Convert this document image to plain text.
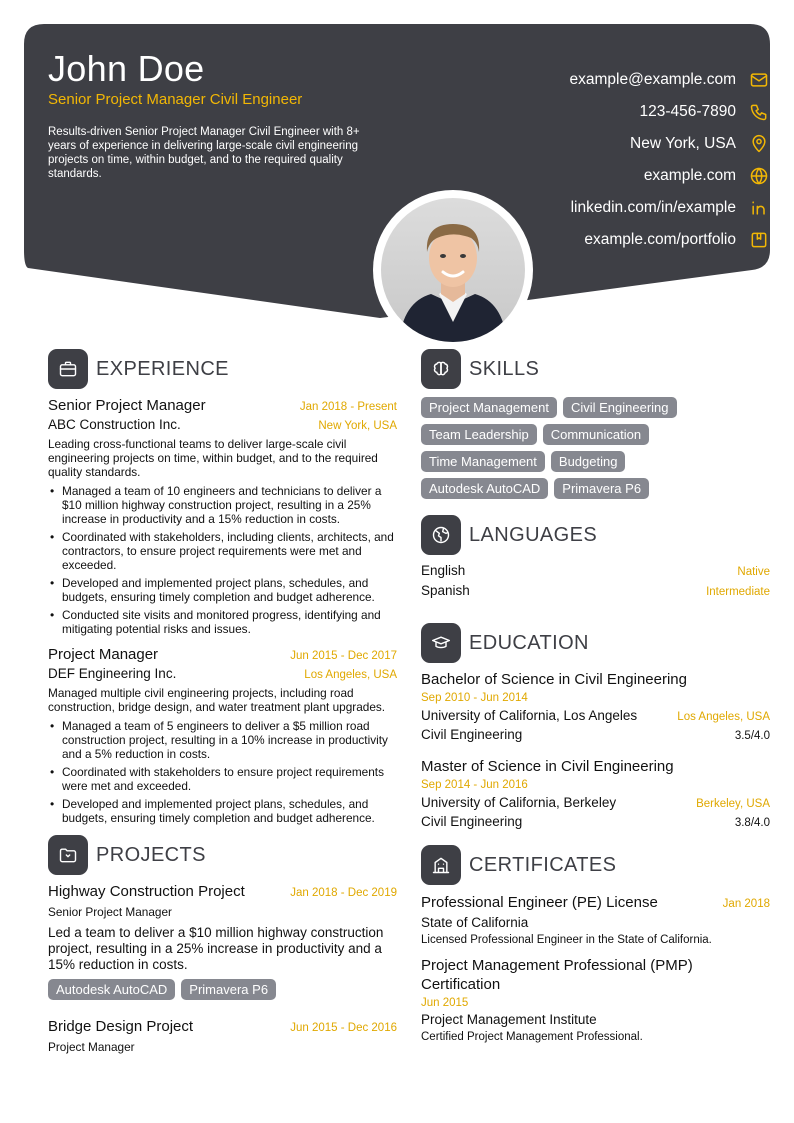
John Doe
Senior Project Manager Civil Engineer
Results-driven Senior Project Manager Civil Engineer with 8+ years of experience in delivering large-scale civil engineering projects on time, within budget, and to the required quality standards.
example@example.com
123-456-7890
New York, USA
example.com
linkedin.com/in/example
example.com/portfolio
EXPERIENCE
Senior Project Manager	Jan 2018 - Present
ABC Construction Inc.	New York, USA
Leading cross-functional teams to deliver large-scale civil engineering projects on time, within budget, and to the required quality standards.
• Managed a team of 10 engineers and technicians to deliver a $10 million highway construction project, resulting in a 25% increase in productivity and a 15% reduction in costs.
• Coordinated with stakeholders, including clients, architects, and contractors, to ensure project requirements were met and exceeded.
• Developed and implemented project plans, schedules, and budgets, ensuring timely completion and budget adherence.
• Conducted site visits and monitored progress, identifying and mitigating potential risks and issues.
Project Manager	Jun 2015 - Dec 2017
DEF Engineering Inc.	Los Angeles, USA
Managed multiple civil engineering projects, including road construction, bridge design, and water treatment plant upgrades.
• Managed a team of 5 engineers to deliver a $5 million road construction project, resulting in a 10% increase in productivity and a 5% reduction in costs.
• Coordinated with stakeholders to ensure project requirements were met and exceeded.
• Developed and implemented project plans, schedules, and budgets, ensuring timely completion and budget adherence.
PROJECTS
Highway Construction Project	Jan 2018 - Dec 2019
Senior Project Manager
Led a team to deliver a $10 million highway construction project, resulting in a 25% increase in productivity and a 15% reduction in costs.
Autodesk AutoCAD Primavera P6
Bridge Design Project	Jun 2015 - Dec 2016
Project Manager
SKILLS
Project Management Civil Engineering
Team Leadership Communication
Time Management Budgeting
Autodesk AutoCAD Primavera P6
LANGUAGES
English	Native
Spanish	Intermediate
EDUCATION
Bachelor of Science in Civil Engineering
Sep 2010 - Jun 2014
University of California, Los Angeles	Los Angeles, USA
Civil Engineering	3.5/4.0
Master of Science in Civil Engineering
Sep 2014 - Jun 2016
University of California, Berkeley	Berkeley, USA
Civil Engineering	3.8/4.0
CERTIFICATES
Professional Engineer (PE) License	Jan 2018
State of California
Licensed Professional Engineer in the State of California.
Project Management Professional (PMP) Certification
Jun 2015
Project Management Institute
Certified Project Management Professional.
